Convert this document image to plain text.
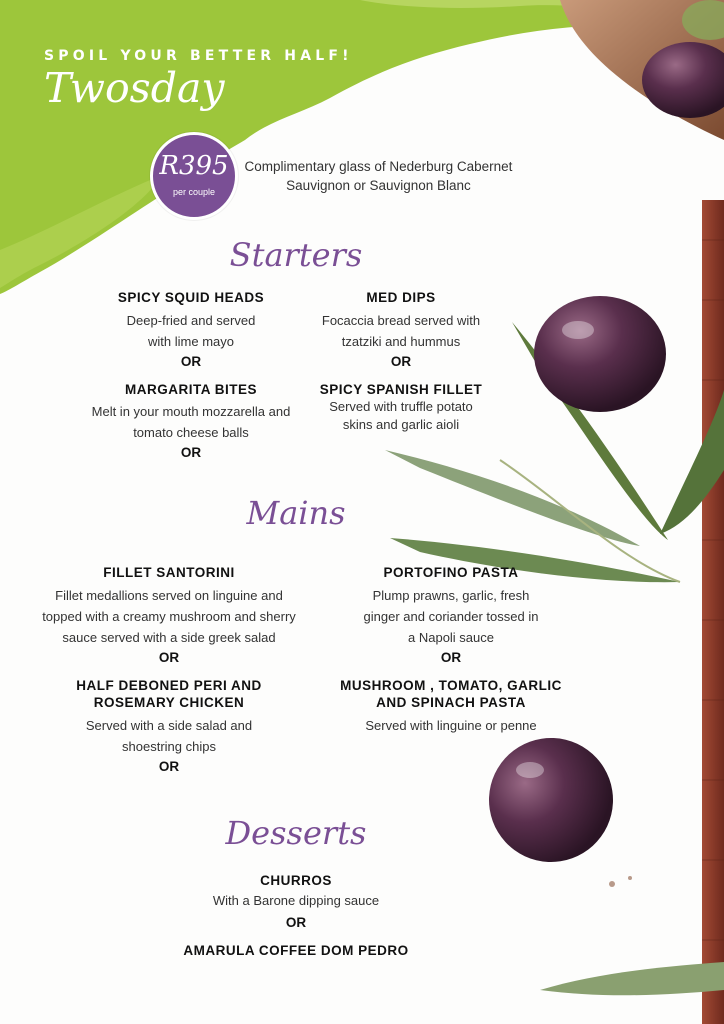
SPOIL YOUR BETTER HALF!
Twosday
R395
per couple
Complimentary glass of Nederburg Cabernet Sauvignon or Sauvignon Blanc
Starters
SPICY SQUID HEADS
Deep-fried and served with lime mayo
OR
MARGARITA BITES
Melt in your mouth mozzarella and tomato cheese balls
OR
MED DIPS
Focaccia bread served with tzatziki and hummus
OR
SPICY SPANISH FILLET
Served with truffle potato skins and garlic aioli
Mains
FILLET SANTORINI
Fillet medallions served on linguine and topped with a creamy mushroom and sherry sauce served with a side greek salad
OR
HALF DEBONED PERI AND ROSEMARY CHICKEN
Served with a side salad and shoestring chips
OR
PORTOFINO PASTA
Plump prawns, garlic, fresh ginger and coriander tossed in a Napoli sauce
OR
MUSHROOM , TOMATO, GARLIC AND SPINACH PASTA
Served with linguine or penne
Desserts
CHURROS
With a Barone dipping sauce
OR
AMARULA COFFEE DOM PEDRO
